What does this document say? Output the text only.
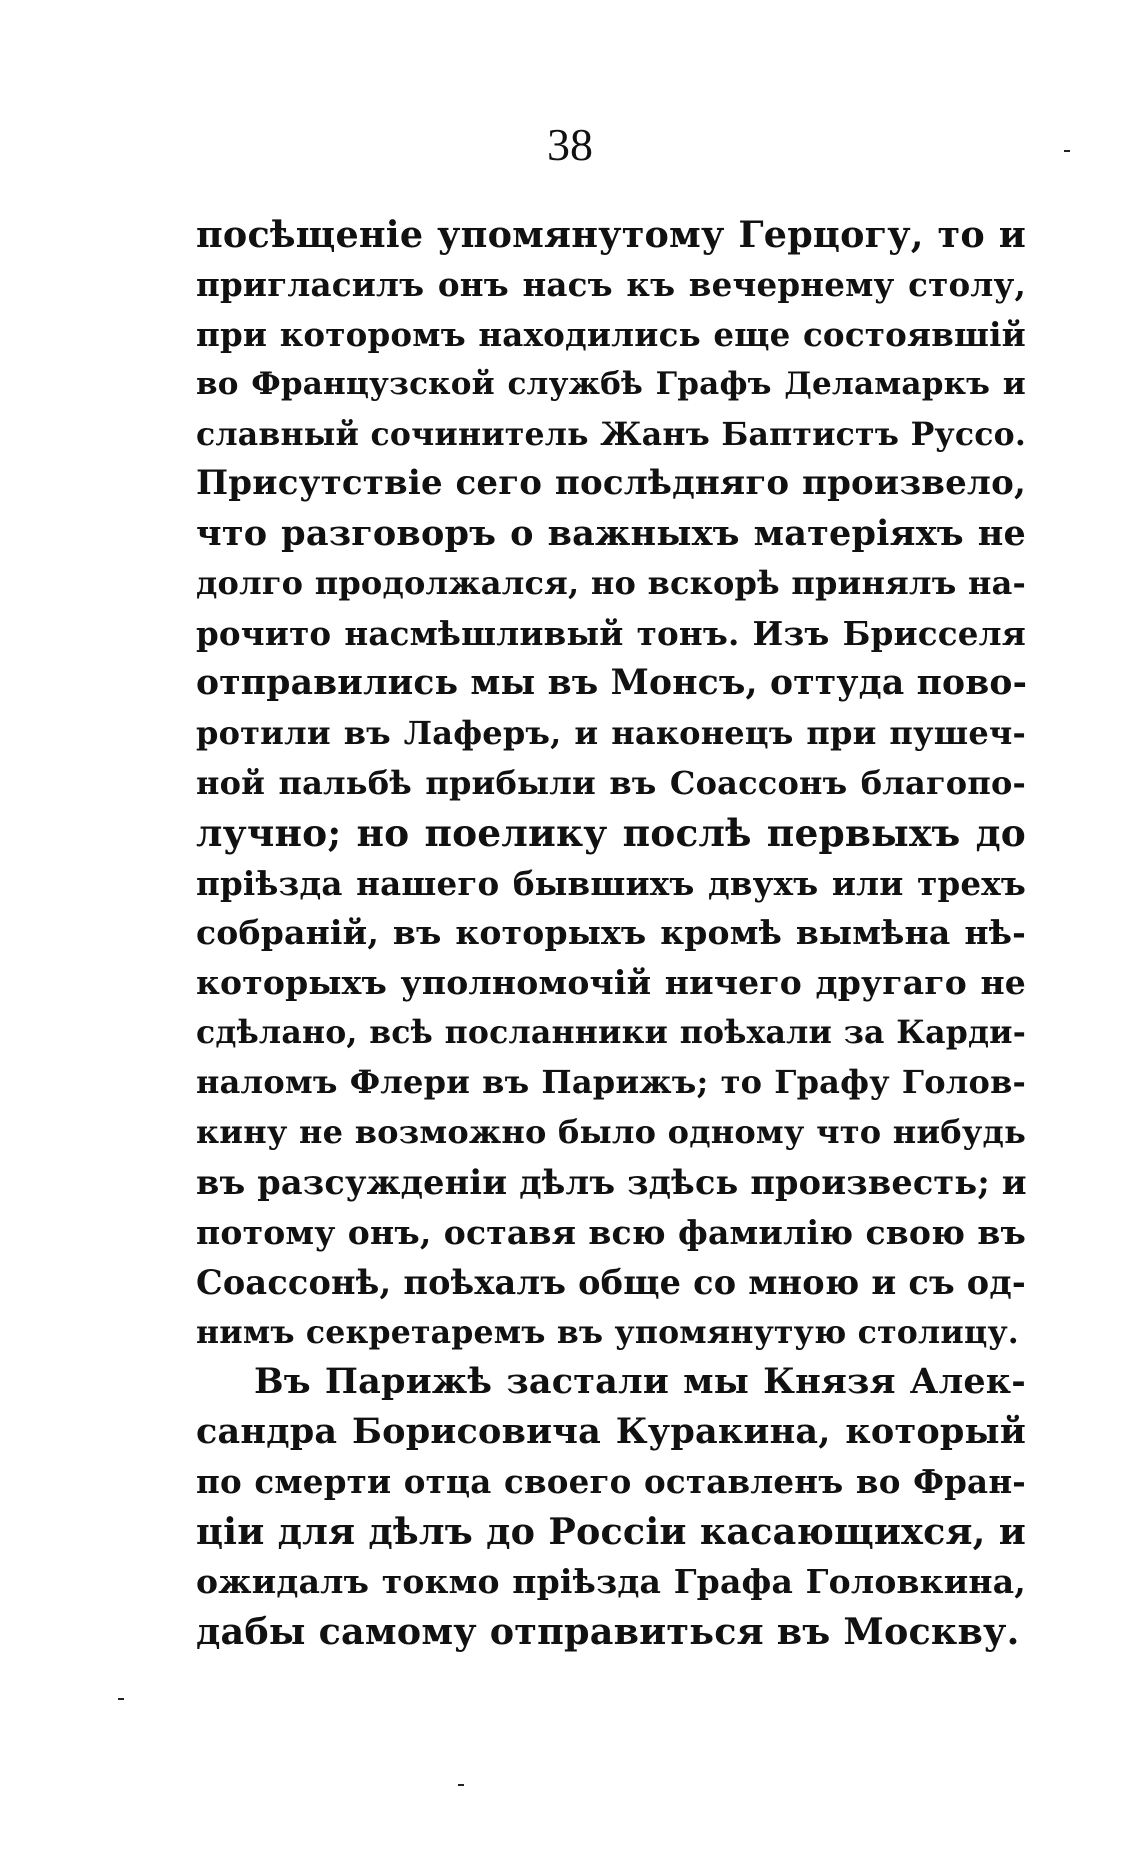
38
посѣщеніе упомянутому Герцогу, то и
пригласилъ онъ насъ къ вечернему столу,
при которомъ находились еще состоявшій
во Французской службѣ Графъ Деламаркъ и
славный сочинитель Жанъ Баптистъ Руссо.
Присутствіе сего послѣдняго произвело,
что разговоръ о важныхъ матеріяхъ не
долго продолжался, но вскорѣ принялъ на-
рочито насмѣшливый тонъ. Изъ Брисселя
отправились мы въ Монсъ, оттуда пово-
ротили въ Лаферъ, и наконецъ при пушеч-
ной пальбѣ прибыли въ Соассонъ благопо-
лучно; но поелику послѣ первыхъ до
пріѣзда нашего бывшихъ двухъ или трехъ
собраній, въ которыхъ кромѣ вымѣна нѣ-
которыхъ уполномочій ничего другаго не
сдѣлано, всѣ посланники поѣхали за Карди-
наломъ Флери въ Парижъ; то Графу Голов-
кину не возможно было одному что нибудь
въ разсужденіи дѣлъ здѣсь произвесть; и
потому онъ, оставя всю фамилію свою въ
Соассонѣ, поѣхалъ обще со мною и съ од-
нимъ секретаремъ въ упомянутую столицу.
Въ Парижѣ застали мы Князя Алек-
сандра Борисовича Куракина, который
по смерти отца своего оставленъ во Фран-
ціи для дѣлъ до Россіи касающихся, и
ожидалъ токмо пріѣзда Графа Головкина,
дабы самому отправиться въ Москву.
